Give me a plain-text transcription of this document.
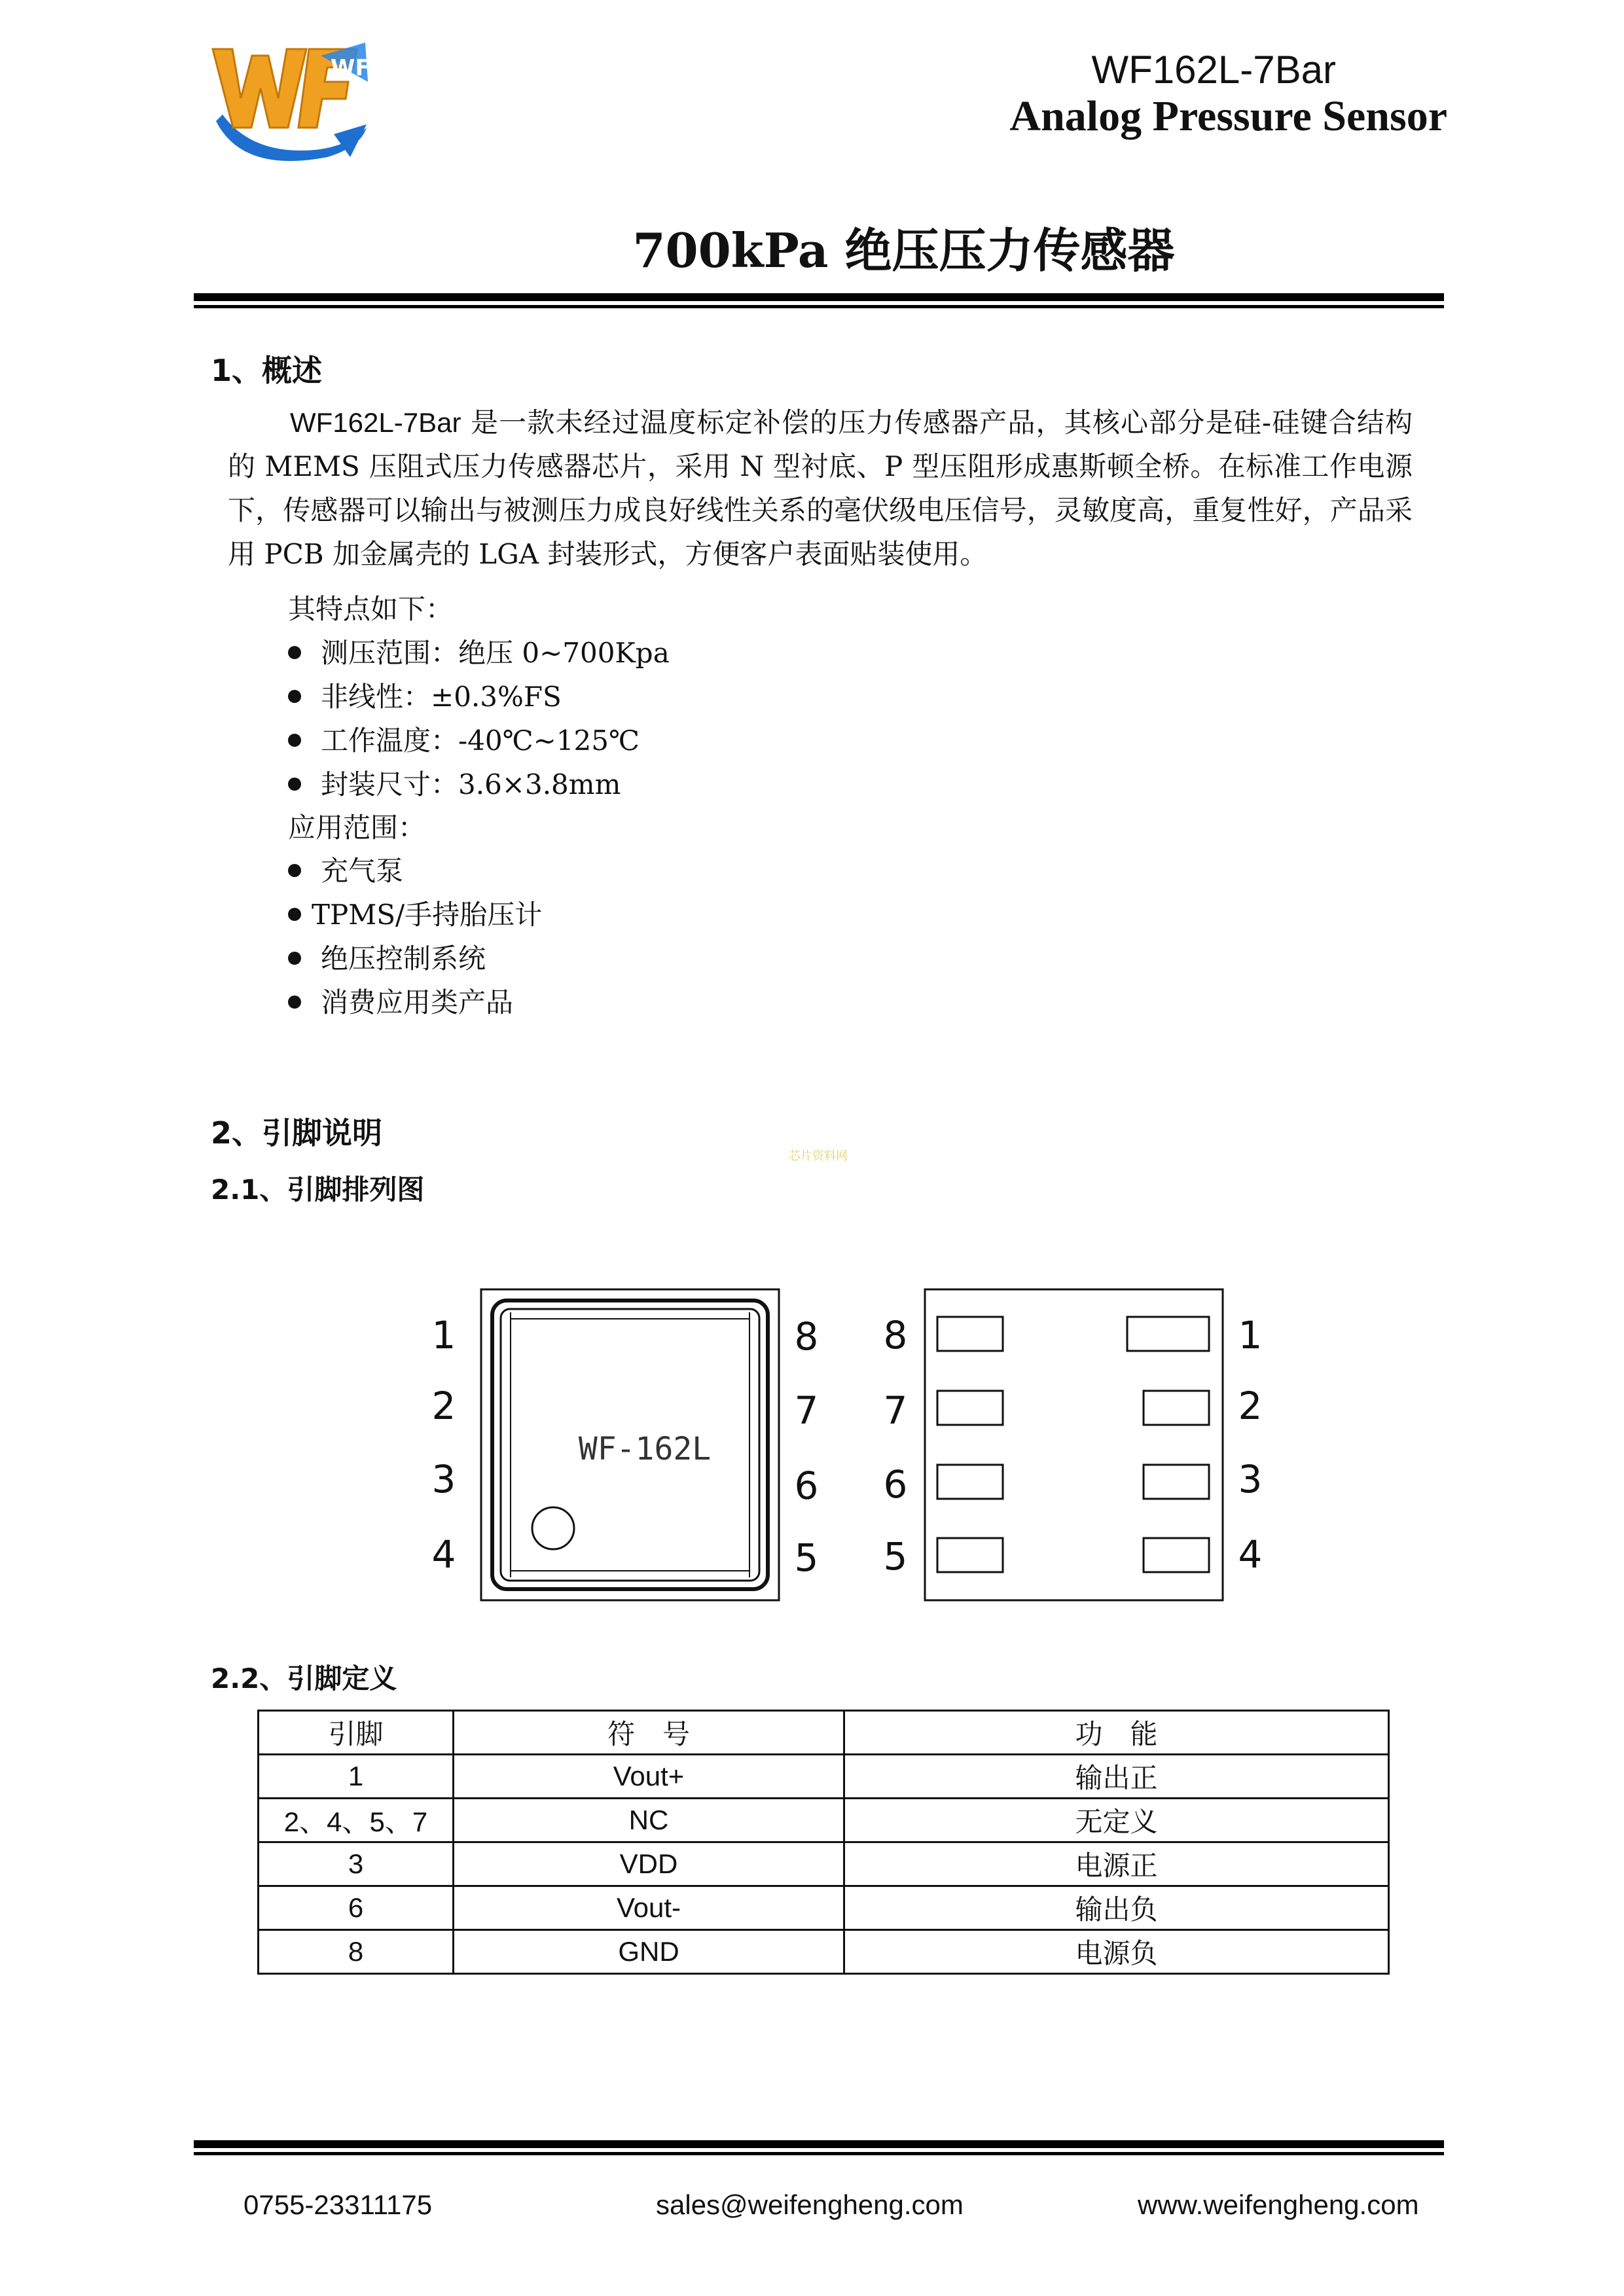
WF	WF162L-7Bar
Analog Pressure Sensor
700kPa 绝压压力传感器
1、概述
WF162L-7Bar 是一款未经过温度标定补偿的压力传感器产品，其核心部分是硅-硅键合结构的 MEMS 压阻式压力传感器芯片，采用 N 型衬底、P 型压阻形成惠斯顿全桥。在标准工作电源下，传感器可以输出与被测压力成良好线性关系的毫伏级电压信号，灵敏度高，重复性好，产品采用 PCB 加金属壳的 LGA 封装形式，方便客户表面贴装使用。
其特点如下：
测压范围：绝压 0~700Kpa
非线性：±0.3%FS
工作温度：-40℃~125℃
封装尺寸：3.6×3.8mm
应用范围：
充气泵
TPMS/手持胎压计
绝压控制系统
消费应用类产品
2、引脚说明
芯片资料网
2.1、引脚排列图
1
2
3
4
8
7
6
5
8
7
6
5
1
2
3
4
WF-162L
2.2、引脚定义
引脚	符　号	功　能
1	Vout+	输出正
2、4、5、7	NC	无定义
3	VDD	电源正
6	Vout-	输出负
8	GND	电源负
0755-23311175	sales@weifengheng.com	www.weifengheng.com
